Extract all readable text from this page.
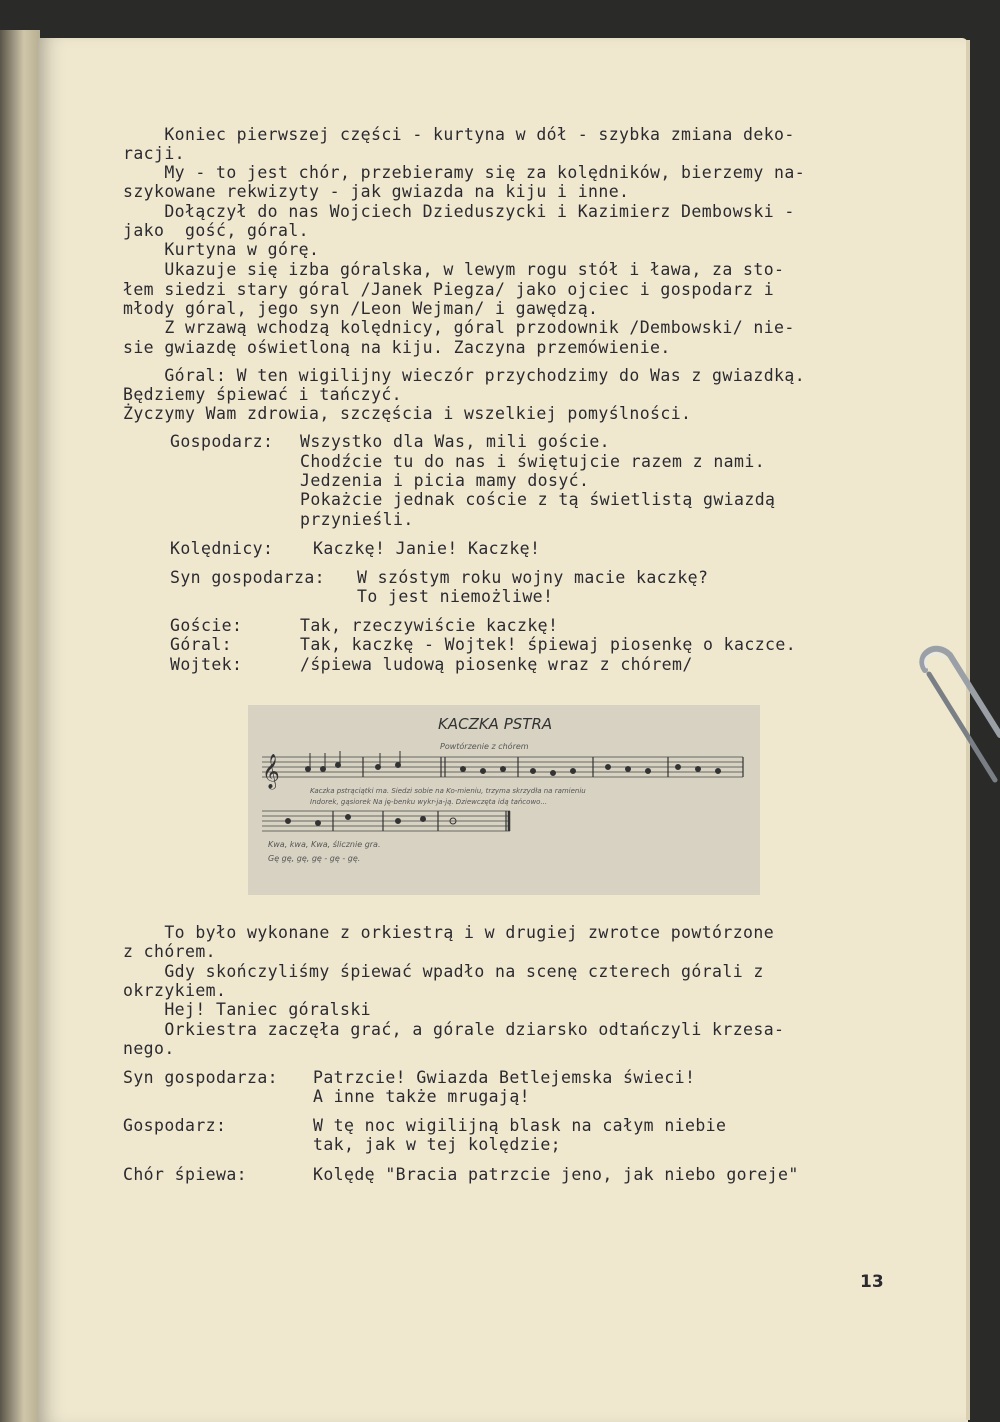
Koniec pierwszej części - kurtyna w dół - szybka zmiana deko-
racji.
My - to jest chór, przebieramy się za kolędników, bierzemy na-
szykowane rekwizyty - jak gwiazda na kiju i inne.
Dołączył do nas Wojciech Dzieduszycki i Kazimierz Dembowski -
jako  gość, góral.
Kurtyna w górę.
Ukazuje się izba góralska, w lewym rogu stół i ława, za sto-
łem siedzi stary góral /Janek Piegza/ jako ojciec i gospodarz i
młody góral, jego syn /Leon Wejman/ i gawędzą.
Z wrzawą wchodzą kolędnicy, góral przodownik /Dembowski/ nie-
sie gwiazdę oświetloną na kiju. Zaczyna przemówienie.
Góral: W ten wigilijny wieczór przychodzimy do Was z gwiazdką.
Będziemy śpiewać i tańczyć.
Życzymy Wam zdrowia, szczęścia i wszelkiej pomyślności.
Gospodarz: Wszystko dla Was, mili goście.
Chodźcie tu do nas i świętujcie razem z nami.
Jedzenia i picia mamy dosyć.
Pokażcie jednak coście z tą świetlistą gwiazdą
przynieśli.
Kolędnicy: Kaczkę! Janie! Kaczkę!
Syn gospodarza: W szóstym roku wojny macie kaczkę?
To jest niemożliwe!
Goście:	Tak, rzeczywiście kaczkę!
Góral:	Tak, kaczkę - Wojtek! śpiewaj piosenkę o kaczce.
Wojtek:	/śpiewa ludową piosenkę wraz z chórem/
KACZKA PSTRA
Powtórzenie z chórem
𝄞
Kaczka pstrąciątki ma. Siedzi sobie na Ko-mieniu, trzyma skrzydła na ramieniu
Indorek, gąsiorek Na ję-benku wykr-ja-ją. Dziewczęta idą tańcowo...
Kwa, kwa, Kwa, ślicznie gra.
Gę gę, gę, gę - gę - gę.
To było wykonane z orkiestrą i w drugiej zwrotce powtórzone
z chórem.
Gdy skończyliśmy śpiewać wpadło na scenę czterech górali z
okrzykiem.
Hej! Taniec góralski
Orkiestra zaczęła grać, a górale dziarsko odtańczyli krzesa-
nego.
Syn gospodarza: Patrzcie! Gwiazda Betlejemska świeci!
A inne także mrugają!
Gospodarz:	W tę noc wigilijną blask na całym niebie
tak, jak w tej kolędzie;
Chór śpiewa:	Kolędę "Bracia patrzcie jeno, jak niebo goreje"
13
